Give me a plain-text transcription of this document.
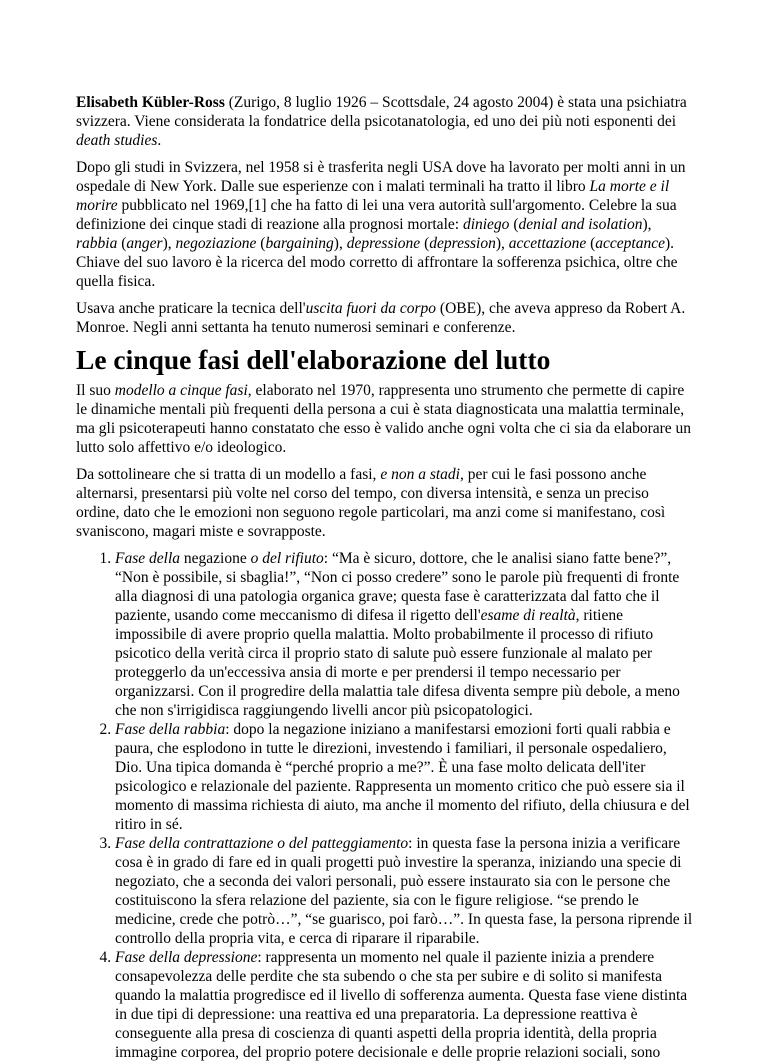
Elisabeth Kübler-Ross (Zurigo, 8 luglio 1926 – Scottsdale, 24 agosto 2004) è stata una psichiatra svizzera. Viene considerata la fondatrice della psicotanatologia, ed uno dei più noti esponenti dei death studies.

Dopo gli studi in Svizzera, nel 1958 si è trasferita negli USA dove ha lavorato per molti anni in un ospedale di New York. Dalle sue esperienze con i malati terminali ha tratto il libro La morte e il morire pubblicato nel 1969,[1] che ha fatto di lei una vera autorità sull'argomento. Celebre la sua definizione dei cinque stadi di reazione alla prognosi mortale: diniego (denial and isolation), rabbia (anger), negoziazione (bargaining), depressione (depression), accettazione (acceptance). Chiave del suo lavoro è la ricerca del modo corretto di affrontare la sofferenza psichica, oltre che quella fisica.

Usava anche praticare la tecnica dell'uscita fuori da corpo (OBE), che aveva appreso da Robert A. Monroe. Negli anni settanta ha tenuto numerosi seminari e conferenze.

Le cinque fasi dell'elaborazione del lutto

Il suo modello a cinque fasi, elaborato nel 1970, rappresenta uno strumento che permette di capire le dinamiche mentali più frequenti della persona a cui è stata diagnosticata una malattia terminale, ma gli psicoterapeuti hanno constatato che esso è valido anche ogni volta che ci sia da elaborare un lutto solo affettivo e/o ideologico.

Da sottolineare che si tratta di un modello a fasi, e non a stadi, per cui le fasi possono anche alternarsi, presentarsi più volte nel corso del tempo, con diversa intensità, e senza un preciso ordine, dato che le emozioni non seguono regole particolari, ma anzi come si manifestano, così svaniscono, magari miste e sovrapposte.

1. Fase della negazione o del rifiuto: “Ma è sicuro, dottore, che le analisi siano fatte bene?”, “Non è possibile, si sbaglia!”, “Non ci posso credere” sono le parole più frequenti di fronte alla diagnosi di una patologia organica grave; questa fase è caratterizzata dal fatto che il paziente, usando come meccanismo di difesa il rigetto dell'esame di realtà, ritiene impossibile di avere proprio quella malattia. Molto probabilmente il processo di rifiuto psicotico della verità circa il proprio stato di salute può essere funzionale al malato per proteggerlo da un'eccessiva ansia di morte e per prendersi il tempo necessario per organizzarsi. Con il progredire della malattia tale difesa diventa sempre più debole, a meno che non s'irrigidisca raggiungendo livelli ancor più psicopatologici.
2. Fase della rabbia: dopo la negazione iniziano a manifestarsi emozioni forti quali rabbia e paura, che esplodono in tutte le direzioni, investendo i familiari, il personale ospedaliero, Dio. Una tipica domanda è “perché proprio a me?”. È una fase molto delicata dell'iter psicologico e relazionale del paziente. Rappresenta un momento critico che può essere sia il momento di massima richiesta di aiuto, ma anche il momento del rifiuto, della chiusura e del ritiro in sé.
3. Fase della contrattazione o del patteggiamento: in questa fase la persona inizia a verificare cosa è in grado di fare ed in quali progetti può investire la speranza, iniziando una specie di negoziato, che a seconda dei valori personali, può essere instaurato sia con le persone che costituiscono la sfera relazione del paziente, sia con le figure religiose. “se prendo le medicine, crede che potrò…”, “se guarisco, poi farò…”. In questa fase, la persona riprende il controllo della propria vita, e cerca di riparare il riparabile.
4. Fase della depressione: rappresenta un momento nel quale il paziente inizia a prendere consapevolezza delle perdite che sta subendo o che sta per subire e di solito si manifesta quando la malattia progredisce ed il livello di sofferenza aumenta. Questa fase viene distinta in due tipi di depressione: una reattiva ed una preparatoria. La depressione reattiva è conseguente alla presa di coscienza di quanti aspetti della propria identità, della propria immagine corporea, del proprio potere decisionale e delle proprie relazioni sociali, sono
